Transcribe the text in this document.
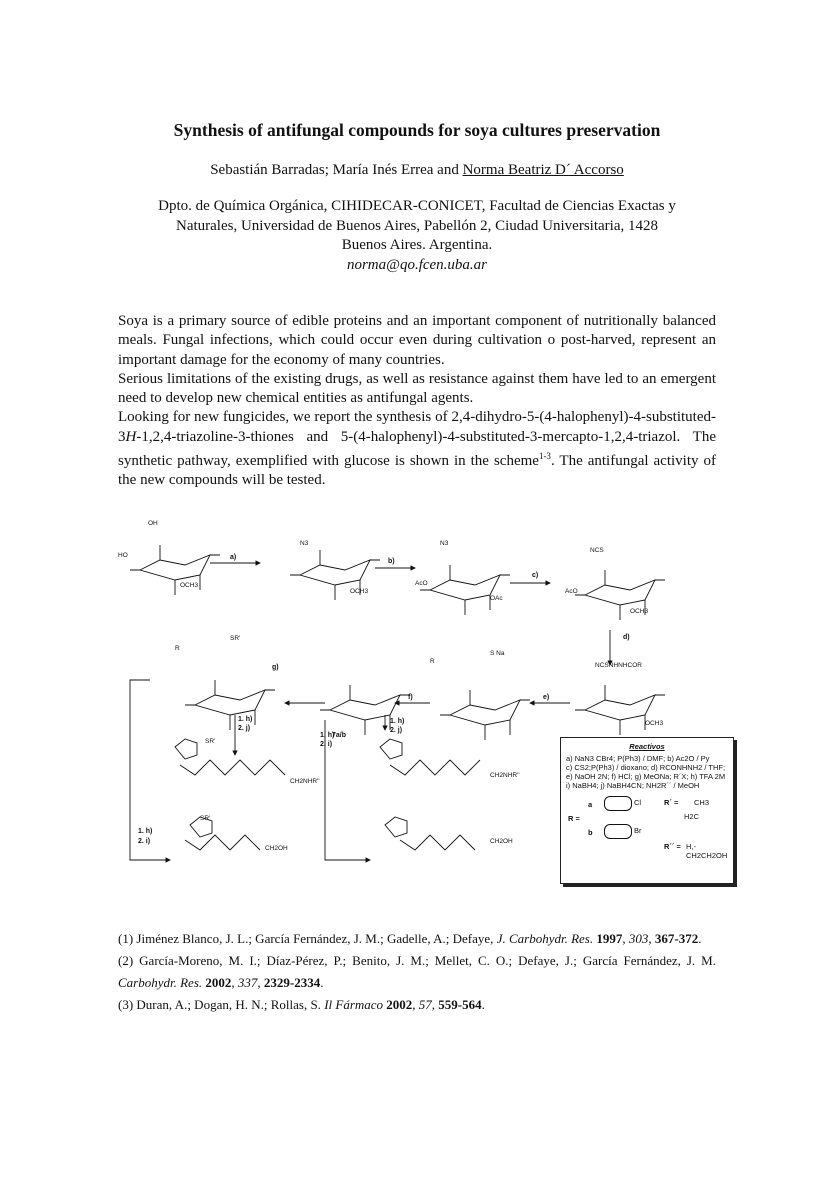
Synthesis of antifungal compounds for soya cultures preservation
Sebastián Barradas; María Inés Errea and Norma Beatriz D´ Accorso
Dpto. de Química Orgánica, CIHIDECAR-CONICET, Facultad de Ciencias Exactas y
Naturales, Universidad de Buenos Aires, Pabellón 2, Ciudad Universitaria, 1428
Buenos Aires. Argentina.
norma@qo.fcen.uba.ar

Soya is a primary source of edible proteins and an important component of nutritionally balanced meals. Fungal infections, which could occur even during cultivation o post-harved, represent an important damage for the economy of many countries.

Serious limitations of the existing drugs, as well as resistance against them have led to an emergent need to develop new chemical entities as antifungal agents.

Looking for new fungicides, we report the synthesis of 2,4-dihydro-5-(4-halophenyl)-4-substituted-3H-1,2,4-triazoline-3-thiones and 5-(4-halophenyl)-4-substituted-3-mercapto-1,2,4-triazol. The synthetic pathway, exemplified with glucose is shown in the scheme$^{1-3}$. The antifungal activity of the new compounds will be tested.

a)
b)
c)
d)
e)
f)
g)
1. h)
2. j)
1. h)
2. j)
1. h)
2. i)
1. h)
2. i)
7a/b
OH
HO
OCH3
N3
OCH3
N3
AcO
OAc
NCS
AcO
OCH3
NCSNHNHCOR
OCH3
S Na
R
SR'
R
SR'
CH2NHR''
CH2NHR''
SR'
CH2OH
CH2OH
Reactivos
a) NaN3 CBr4; P(Ph3) / DMF; b) Ac2O / Py
c) CS2;P(Ph3) / dioxano; d) RCONHNH2 / THF;
e) NaOH 2N; f) HCl; g) MeONa; R´X; h) TFA 2M
i) NaBH4; j) NaBH4CN; NH2R´´ / MeOH
a
R =
b
Cl
Br
R´ = CH3
H2C
R´´ = H,-CH2CH2OH

(1) Jiménez Blanco, J. L.; García Fernández, J. M.; Gadelle, A.; Defaye, J. Carbohydr. Res. 1997, 303, 367-372.

(2) García-Moreno, M. I.; Díaz-Pérez, P.; Benito, J. M.; Mellet, C. O.; Defaye, J.; García Fernández, J. M. Carbohydr. Res. 2002, 337, 2329-2334.

(3) Duran, A.; Dogan, H. N.; Rollas, S. Il Fármaco 2002, 57, 559-564.
